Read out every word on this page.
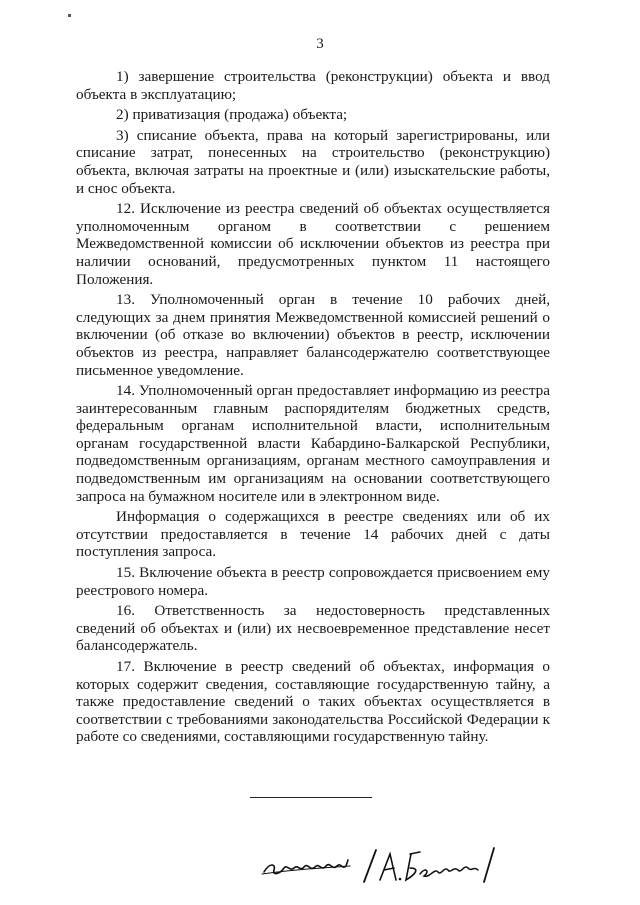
3

1) завершение строительства (реконструкции) объекта и ввод объекта в эксплуатацию;

2) приватизация (продажа) объекта;

3) списание объекта, права на который зарегистрированы, или списание затрат, понесенных на строительство (реконструкцию) объекта, включая затраты на проектные и (или) изыскательские работы, и снос объекта.

12. Исключение из реестра сведений об объектах осуществляется уполномоченным органом в соответствии с решением Межведомственной комиссии об исключении объектов из реестра при наличии оснований, предусмотренных пунктом 11 настоящего Положения.

13. Уполномоченный орган в течение 10 рабочих дней, следующих за днем принятия Межведомственной комиссией решений о включении (об отказе во включении) объектов в реестр, исключении объектов из реестра, направляет балансодержателю соответствующее письменное уведомление.

14. Уполномоченный орган предоставляет информацию из реестра заинтересованным главным распорядителям бюджетных средств, федеральным органам исполнительной власти, исполнительным органам государственной власти Кабардино-Балкарской Республики, подведомственным организациям, органам местного самоуправления и подведомственным им организациям на основании соответствующего запроса на бумажном носителе или в электронном виде.

Информация о содержащихся в реестре сведениях или об их отсутствии предоставляется в течение 14 рабочих дней с даты поступления запроса.

15. Включение объекта в реестр сопровождается присвоением ему реестрового номера.

16. Ответственность за недостоверность представленных сведений об объектах и (или) их несвоевременное представление несет балансодержатель.

17. Включение в реестр сведений об объектах, информация о которых содержит сведения, составляющие государственную тайну, а также предоставление сведений о таких объектах осуществляется в соответствии с требованиями законодательства Российской Федерации к работе со сведениями, составляющими государственную тайну.
